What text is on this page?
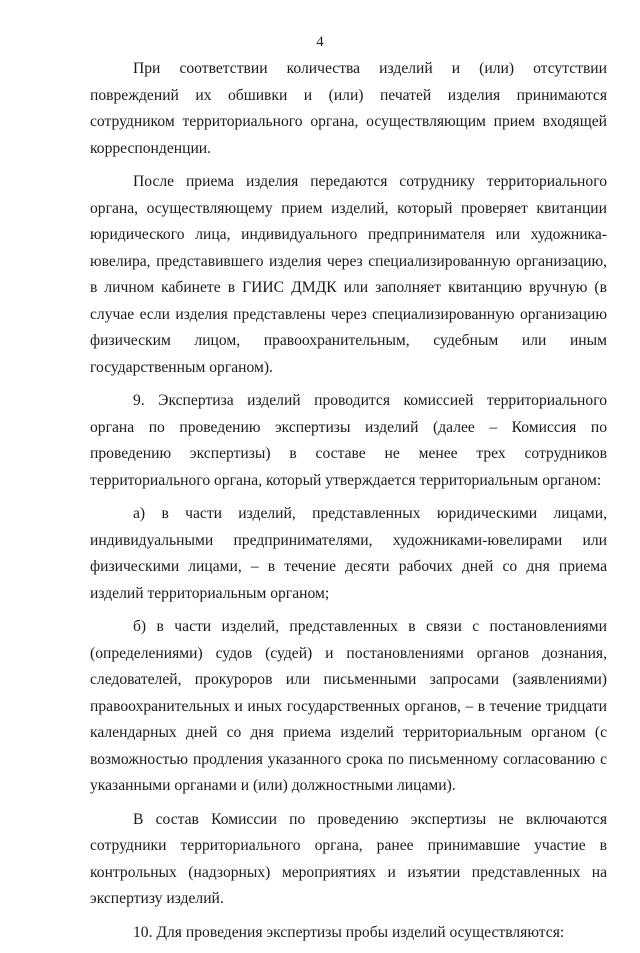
4

При соответствии количества изделий и (или) отсутствии повреждений их обшивки и (или) печатей изделия принимаются сотрудником территориального органа, осуществляющим прием входящей корреспонденции.

После приема изделия передаются сотруднику территориального органа, осуществляющему прием изделий, который проверяет квитанции юридического лица, индивидуального предпринимателя или художника-ювелира, представившего изделия через специализированную организацию, в личном кабинете в ГИИС ДМДК или заполняет квитанцию вручную (в случае если изделия представлены через специализированную организацию физическим лицом, правоохранительным, судебным или иным государственным органом).

9. Экспертиза изделий проводится комиссией территориального органа по проведению экспертизы изделий (далее – Комиссия по проведению экспертизы) в составе не менее трех сотрудников территориального органа, который утверждается территориальным органом:

а) в части изделий, представленных юридическими лицами, индивидуальными предпринимателями, художниками-ювелирами или физическими лицами, – в течение десяти рабочих дней со дня приема изделий территориальным органом;

б) в части изделий, представленных в связи с постановлениями (определениями) судов (судей) и постановлениями органов дознания, следователей, прокуроров или письменными запросами (заявлениями) правоохранительных и иных государственных органов, – в течение тридцати календарных дней со дня приема изделий территориальным органом (с возможностью продления указанного срока по письменному согласованию с указанными органами и (или) должностными лицами).

В состав Комиссии по проведению экспертизы не включаются сотрудники территориального органа, ранее принимавшие участие в контрольных (надзорных) мероприятиях и изъятии представленных на экспертизу изделий.

10. Для проведения экспертизы пробы изделий осуществляются:
